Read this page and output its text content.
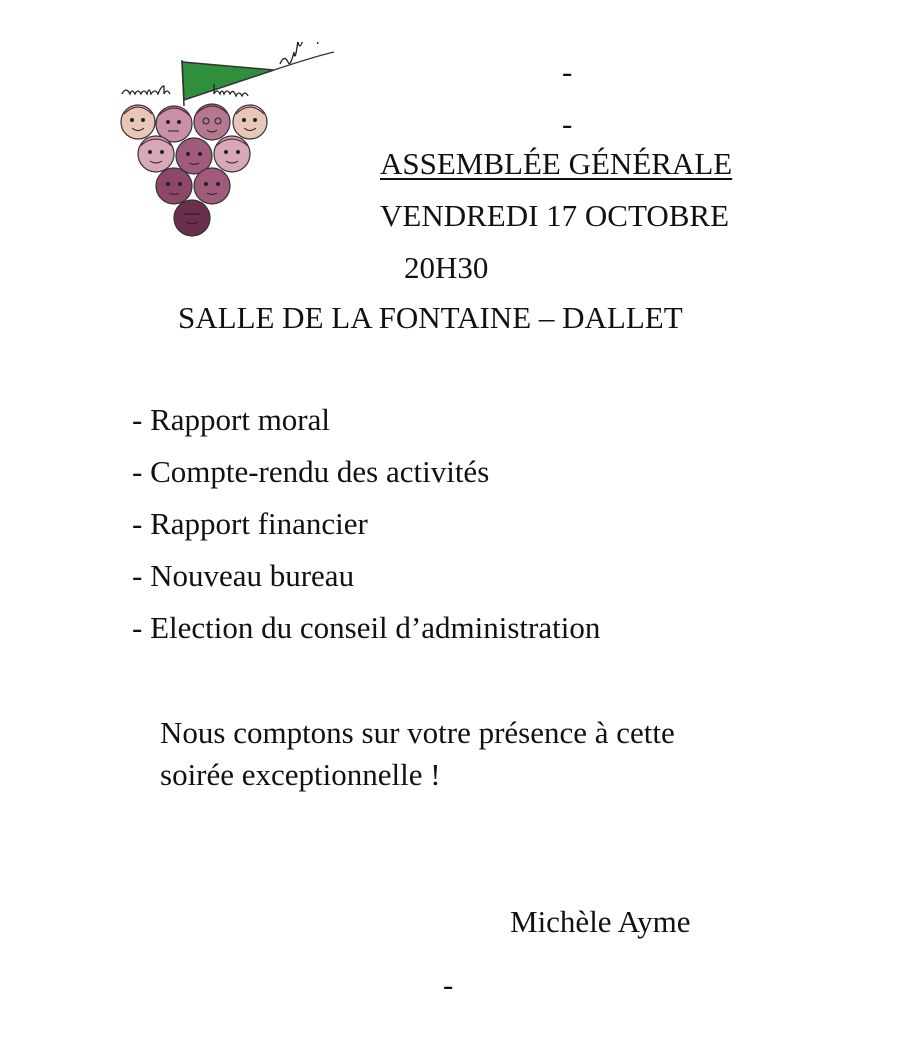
-
-
ASSEMBLÉE GÉNÉRALE
VENDREDI 17 OCTOBRE
20H30
SALLE DE LA FONTAINE – DALLET
- Rapport moral
- Compte-rendu des activités
- Rapport financier
- Nouveau bureau
- Election du conseil d’administration
Nous comptons sur votre présence à cette
soirée exceptionnelle !
Michèle Ayme
-
